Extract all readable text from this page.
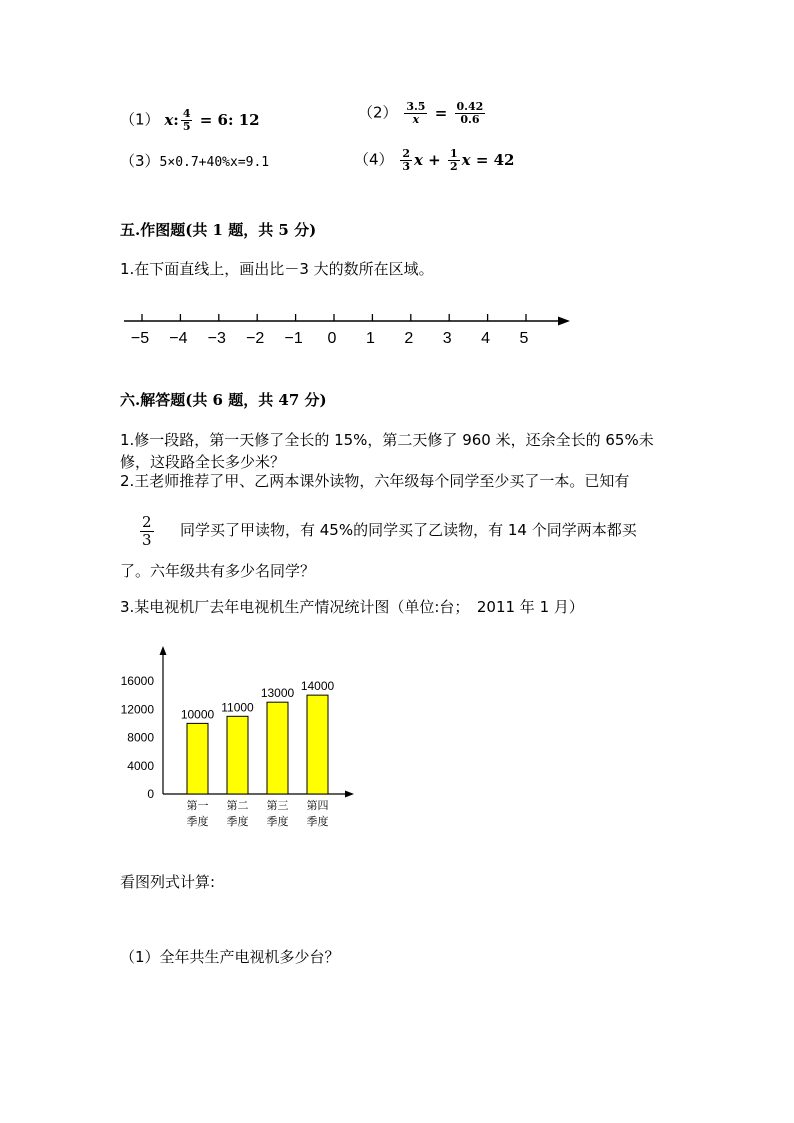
（1） x: $\frac{4}{5} = 6$: 12	$(2) \frac{3.5}{x} = \frac{0.42}{0.6}$
（3）5×0.7+40%x=9.1	$(4) \frac{2}{3}$ $x + \frac{1}{2}$ x = 42
五.作图题(共 1 题，共 5 分)
1.在下面直线上，画出比－3 大的数所在区域。
−5 −4 −3 −2 −1 0 1 2 3 4 5
六.解答题(共 6 题，共 47 分)
1.修一段路，第一天修了全长的 15%，第二天修了 960 米，还余全长的 65%未
修，这段路全长多少米？
2.王老师推荐了甲、乙两本课外读物，六年级每个同学至少买了一本。已知有
$\frac{2}{3}$ 同学买了甲读物，有 45%的同学买了乙读物，有 14 个同学两本都买
了。六年级共有多少名同学？
3.某电视机厂去年电视机生产情况统计图（单位:台；　2011 年 1 月）
0
4000
8000
12000
16000
10000
第一
季度
11000
第二
季度
13000
第三
季度
14000
第四
季度
看图列式计算:
（1）全年共生产电视机多少台？
